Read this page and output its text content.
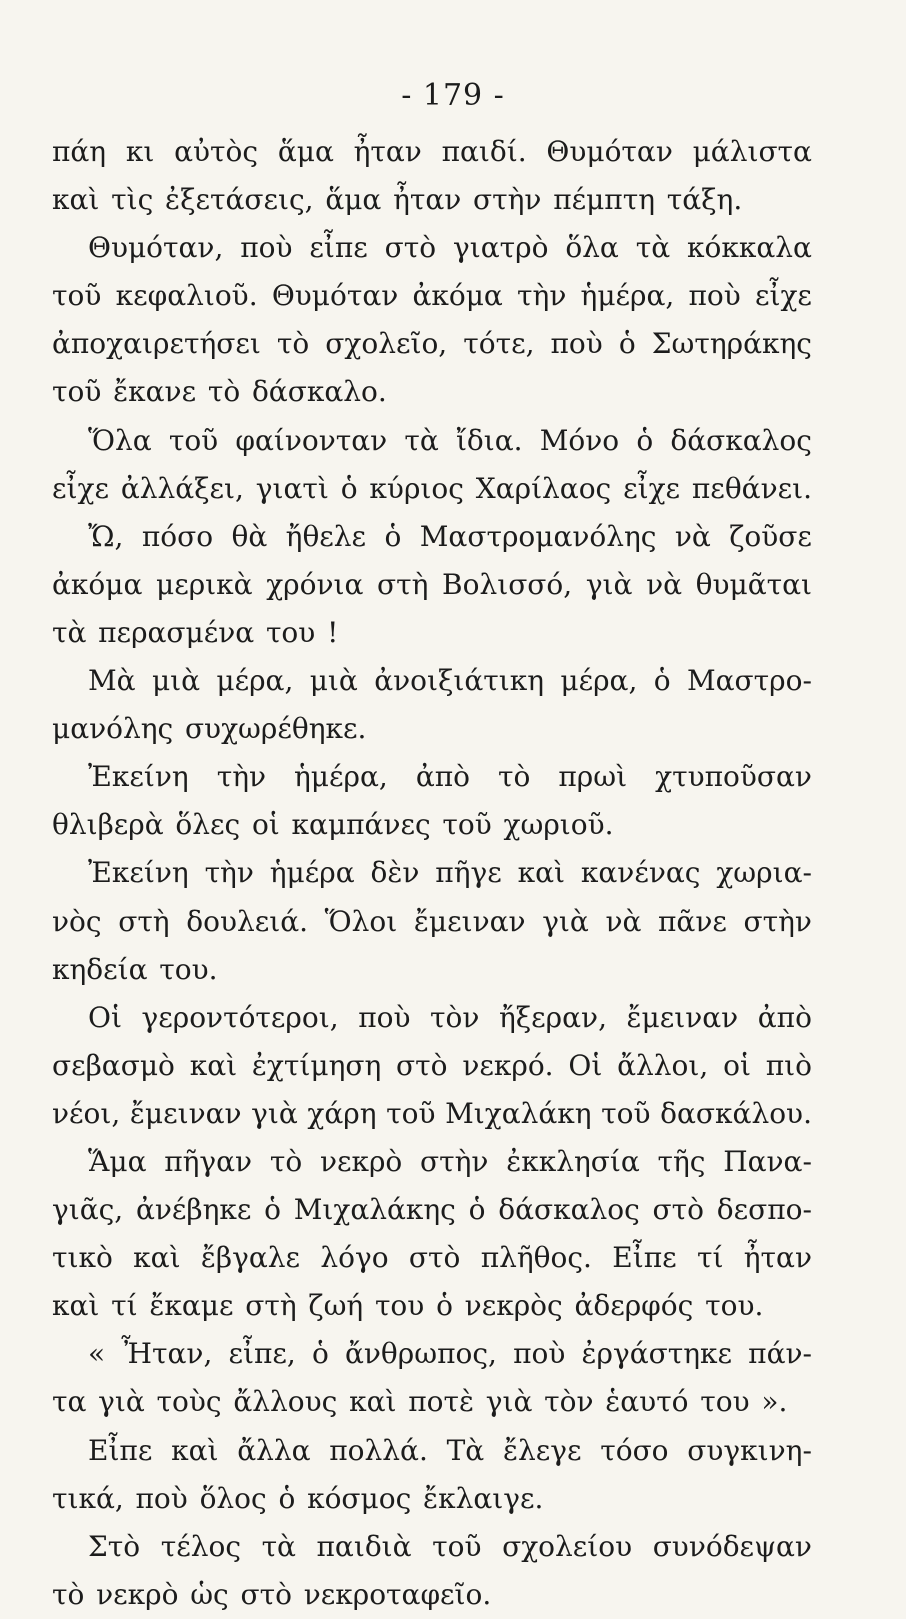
- 179 -
πάη κι αὐτὸς ἅμα ἦταν παιδί. Θυμόταν μάλιστα
καὶ τὶς ἐξετάσεις, ἅμα ἦταν στὴν πέμπτη τάξη.
Θυμόταν, ποὺ εἶπε στὸ γιατρὸ ὅλα τὰ κόκκαλα
τοῦ κεφαλιοῦ. Θυμόταν ἀκόμα τὴν ἡμέρα, ποὺ εἶχε
ἀποχαιρετήσει τὸ σχολεῖο, τότε, ποὺ ὁ Σωτηράκης
τοῦ ἔκανε τὸ δάσκαλο.
Ὅλα τοῦ φαίνονταν τὰ ἴδια. Μόνο ὁ δάσκαλος
εἶχε ἀλλάξει, γιατὶ ὁ κύριος Χαρίλαος εἶχε πεθάνει.
Ὤ, πόσο θὰ ἤθελε ὁ Μαστρομανόλης νὰ ζοῦσε
ἀκόμα μερικὰ χρόνια στὴ Βολισσό, γιὰ νὰ θυμᾶται
τὰ περασμένα του !
Μὰ μιὰ μέρα, μιὰ ἀνοιξιάτικη μέρα, ὁ Μαστρο-
μανόλης συχωρέθηκε.
Ἐκείνη τὴν ἡμέρα, ἀπὸ τὸ πρωὶ χτυποῦσαν
θλιβερὰ ὅλες οἱ καμπάνες τοῦ χωριοῦ.
Ἐκείνη τὴν ἡμέρα δὲν πῆγε καὶ κανένας χωρια-
νὸς στὴ δουλειά. Ὅλοι ἔμειναν γιὰ νὰ πᾶνε στὴν
κηδεία του.
Οἱ γεροντότεροι, ποὺ τὸν ἤξεραν, ἔμειναν ἀπὸ
σεβασμὸ καὶ ἐχτίμηση στὸ νεκρό. Οἱ ἄλλοι, οἱ πιὸ
νέοι, ἔμειναν γιὰ χάρη τοῦ Μιχαλάκη τοῦ δασκάλου.
Ἅμα πῆγαν τὸ νεκρὸ στὴν ἐκκλησία τῆς Πανα-
γιᾶς, ἀνέβηκε ὁ Μιχαλάκης ὁ δάσκαλος στὸ δεσπο-
τικὸ καὶ ἔβγαλε λόγο στὸ πλῆθος. Εἶπε τί ἦταν
καὶ τί ἔκαμε στὴ ζωή του ὁ νεκρὸς ἀδερφός του.
« Ἦταν, εἶπε, ὁ ἄνθρωπος, ποὺ ἐργάστηκε πάν-
τα γιὰ τοὺς ἄλλους καὶ ποτὲ γιὰ τὸν ἑαυτό του ».
Εἶπε καὶ ἄλλα πολλά. Τὰ ἔλεγε τόσο συγκινη-
τικά, ποὺ ὅλος ὁ κόσμος ἔκλαιγε.
Στὸ τέλος τὰ παιδιὰ τοῦ σχολείου συνόδεψαν
τὸ νεκρὸ ὡς στὸ νεκροταφεῖο.
